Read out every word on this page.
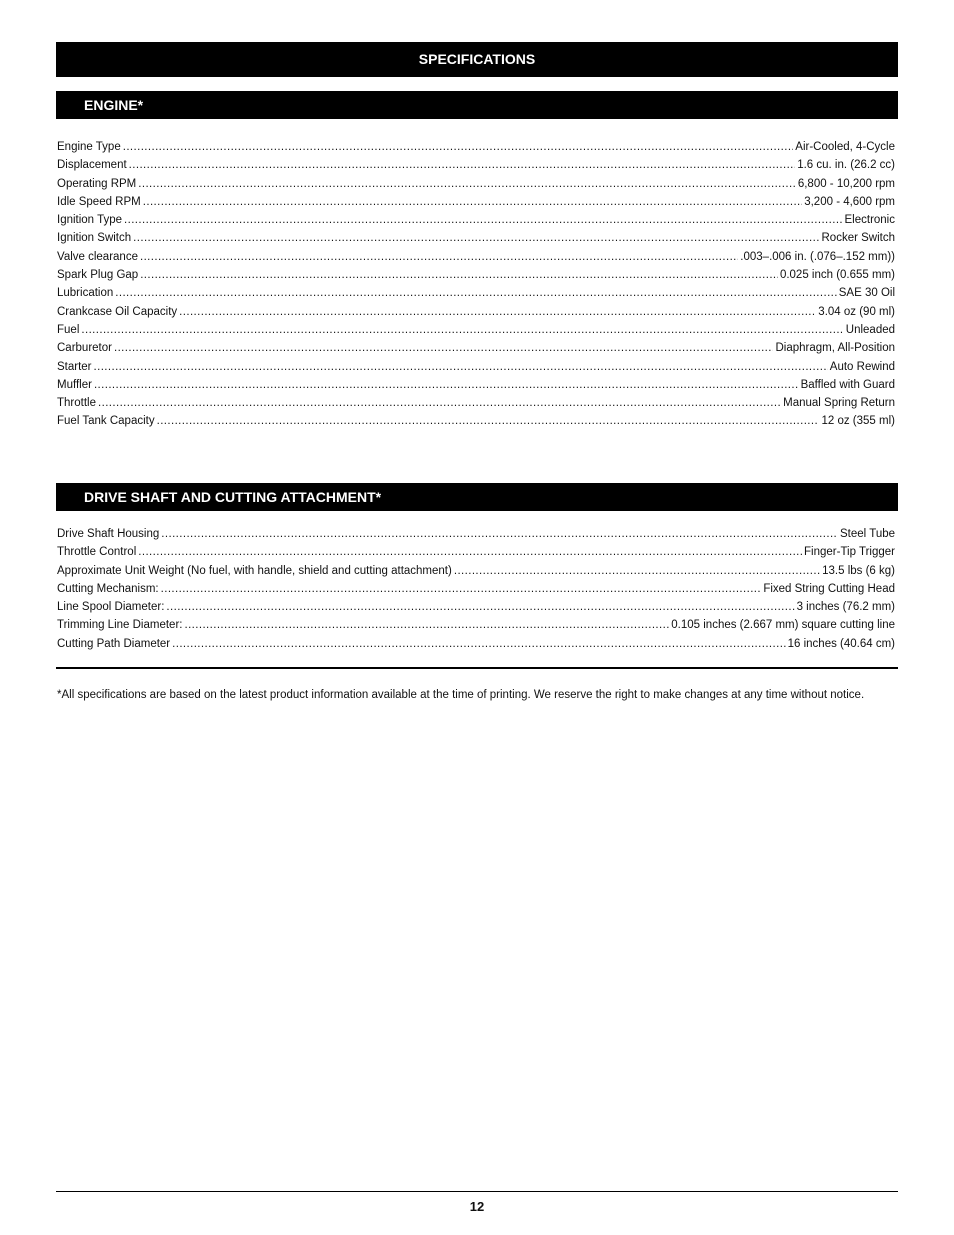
SPECIFICATIONS
ENGINE*
Engine Type .....	Air-Cooled, 4-Cycle
Displacement .....	1.6 cu. in. (26.2 cc)
Operating RPM .....	6,800 - 10,200 rpm
Idle Speed RPM .....	3,200 - 4,600 rpm
Ignition Type .....	Electronic
Ignition Switch .....	Rocker Switch
Valve clearance .....	.003–.006 in. (.076–.152 mm))
Spark Plug Gap .....	0.025 inch (0.655 mm)
Lubrication .....	SAE 30 Oil
Crankcase Oil Capacity .....	3.04 oz (90 ml)
Fuel .....	Unleaded
Carburetor .....	Diaphragm, All-Position
Starter .....	Auto Rewind
Muffler .....	Baffled with Guard
Throttle .....	Manual Spring Return
Fuel Tank Capacity .....	12 oz (355 ml)
DRIVE SHAFT AND CUTTING ATTACHMENT*
Drive Shaft Housing .....	Steel Tube
Throttle Control .....	Finger-Tip Trigger
Approximate Unit Weight (No fuel, with handle, shield and cutting attachment) .....	13.5 lbs (6 kg)
Cutting Mechanism: .....	Fixed String Cutting Head
Line Spool Diameter: .....	3 inches (76.2 mm)
Trimming Line Diameter: .....	0.105 inches (2.667 mm) square cutting line
Cutting Path Diameter .....	16 inches (40.64 cm)

*All specifications are based on the latest product information available at the time of printing. We reserve the right to make changes at any time without notice.

12
